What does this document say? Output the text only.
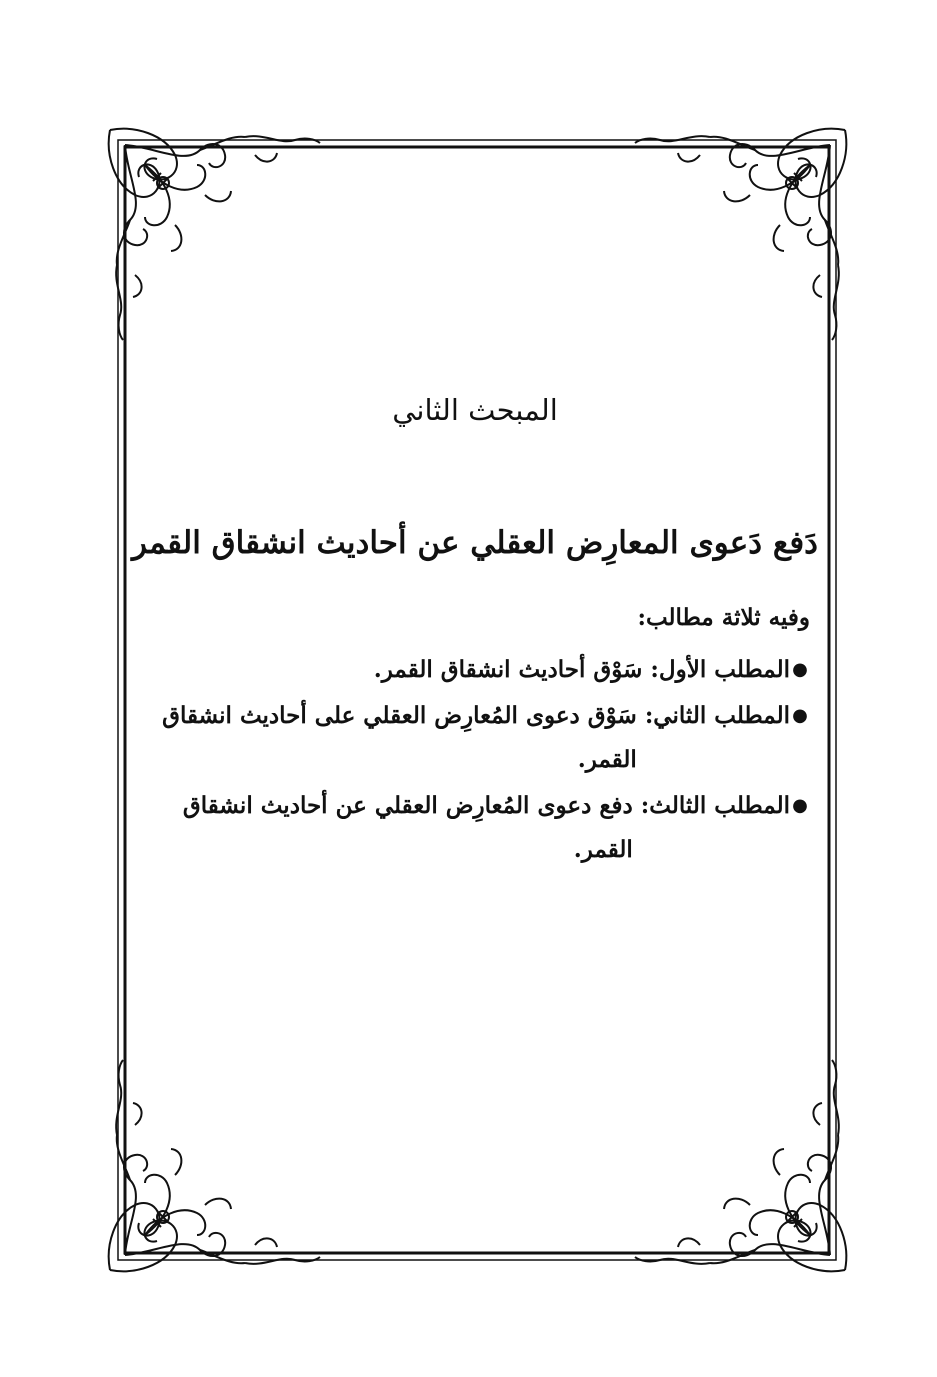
المبحث الثاني
دَفع دَعوى المعارِض العقلي عن أحاديث انشقاق القمر
وفيه ثلاثة مطالب:
●
المطلب الأول:
سَوْق أحاديث انشقاق القمر.
●
المطلب الثاني:
سَوْق دعوى المُعارِض العقلي على أحاديث انشقاق القمر.
●
المطلب الثالث:
دفع دعوى المُعارِض العقلي عن أحاديث انشقاق القمر.
